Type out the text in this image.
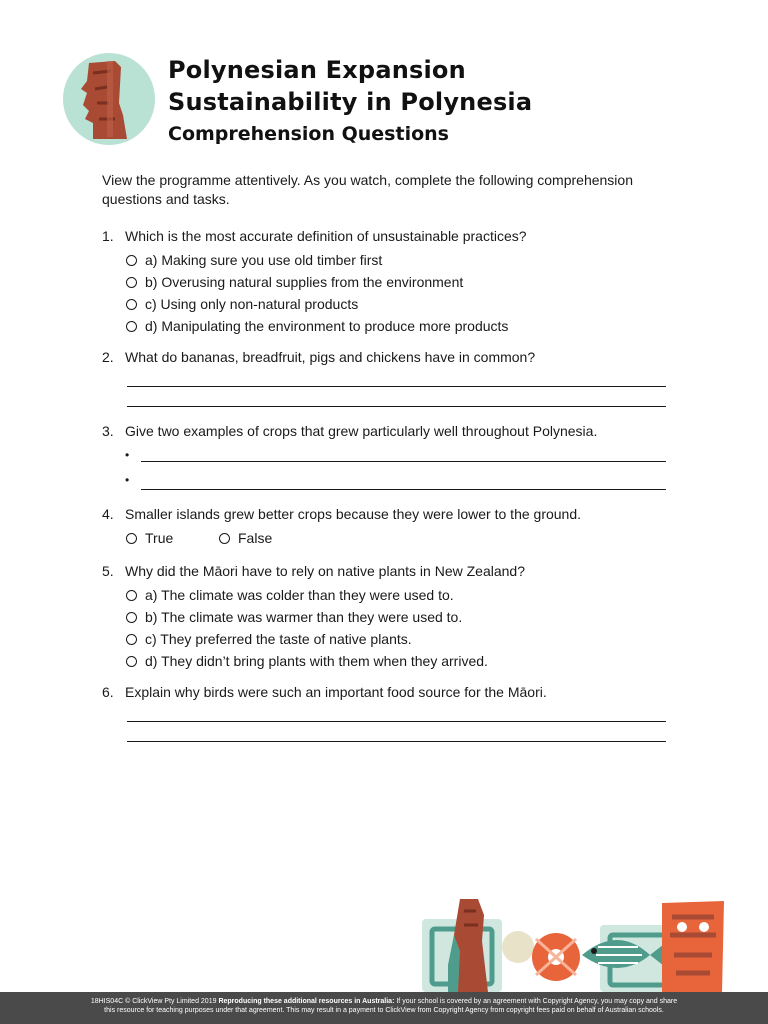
Polynesian Expansion
Sustainability in Polynesia
Comprehension Questions
View the programme attentively. As you watch, complete the following comprehension questions and tasks.
1. Which is the most accurate definition of unsustainable practices?
a) Making sure you use old timber first
b) Overusing natural supplies from the environment
c) Using only non-natural products
d) Manipulating the environment to produce more products
2. What do bananas, breadfruit, pigs and chickens have in common?
3. Give two examples of crops that grew particularly well throughout Polynesia.
•
•
4. Smaller islands grew better crops because they were lower to the ground.
True	False
5. Why did the Māori have to rely on native plants in New Zealand?
a) The climate was colder than they were used to.
b) The climate was warmer than they were used to.
c) They preferred the taste of native plants.
d) They didn’t bring plants with them when they arrived.
6. Explain why birds were such an important food source for the Māori.
18HIS04C © ClickView Pty Limited 2019 Reproducing these additional resources in Australia: If your school is covered by an agreement with Copyright Agency, you may copy and share
this resource for teaching purposes under that agreement. This may result in a payment to ClickView from Copyright Agency from copyright fees paid on behalf of Australian schools.
